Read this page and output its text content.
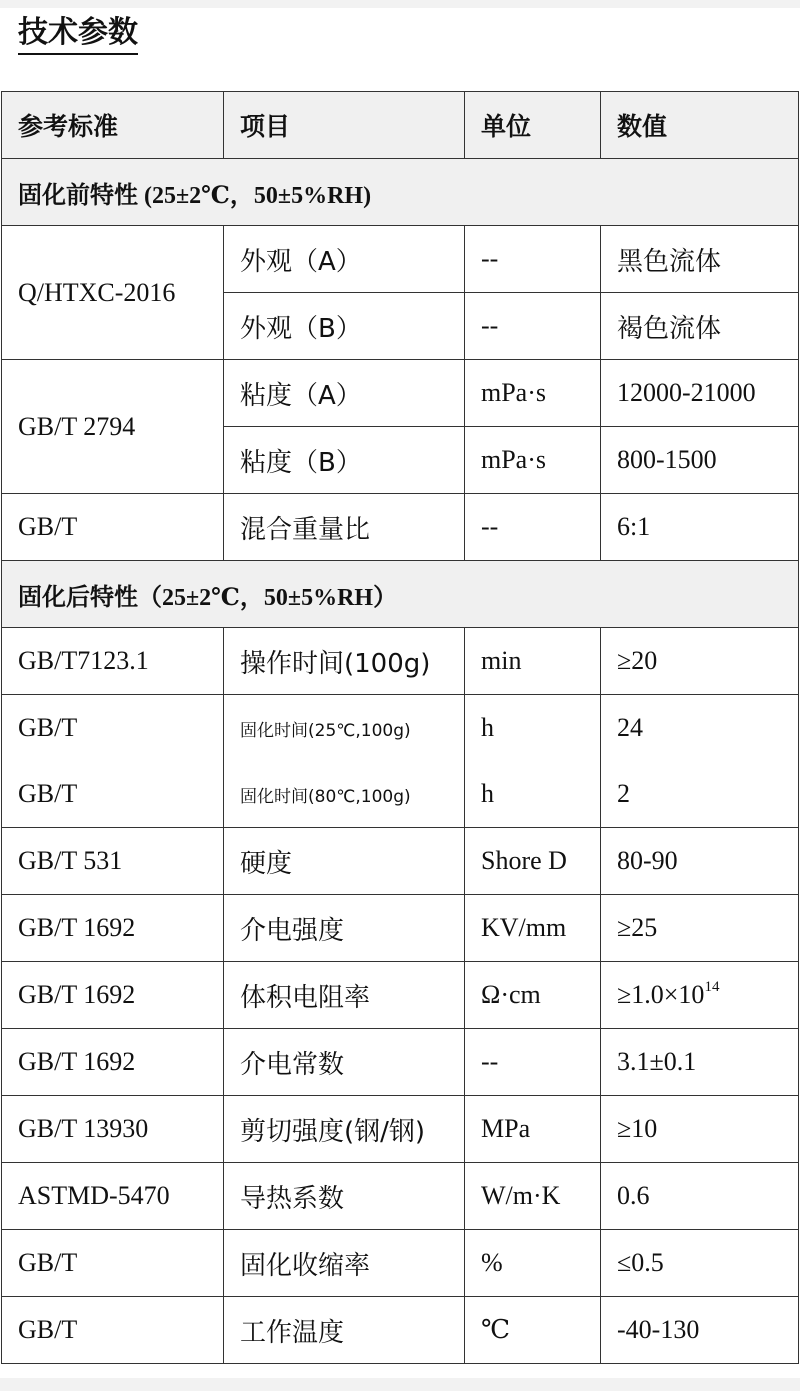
技术参数
参考标准	项目	单位	数值
固化前特性 (25±2℃，50±5%RH)			
Q/HTXC-2016	外观（A）	--	黑色流体
	外观（B）	--	褐色流体
GB/T 2794	粘度（A）	mPa·s	12000-21000
	粘度（B）	mPa·s	800-1500
GB/T	混合重量比	--	6:1
固化后特性（25±2℃，50±5%RH）			
GB/T7123.1	操作时间(100g)	min	≥20
GB/T	固化时间(25℃,100g)	h	24
GB/T	固化时间(80℃,100g)	h	2
GB/T 531	硬度	Shore D	80-90
GB/T 1692	介电强度	KV/mm	≥25
GB/T 1692	体积电阻率	Ω·cm	$\ge 1.0\times 10^{14}$
GB/T 1692	介电常数	--	3.1±0.1
GB/T 13930	剪切强度(钢/钢)	MPa	≥10
ASTMD-5470	导热系数	W/m·K	0.6
GB/T	固化收缩率	%	≤0.5
GB/T	工作温度	℃	-40-130
